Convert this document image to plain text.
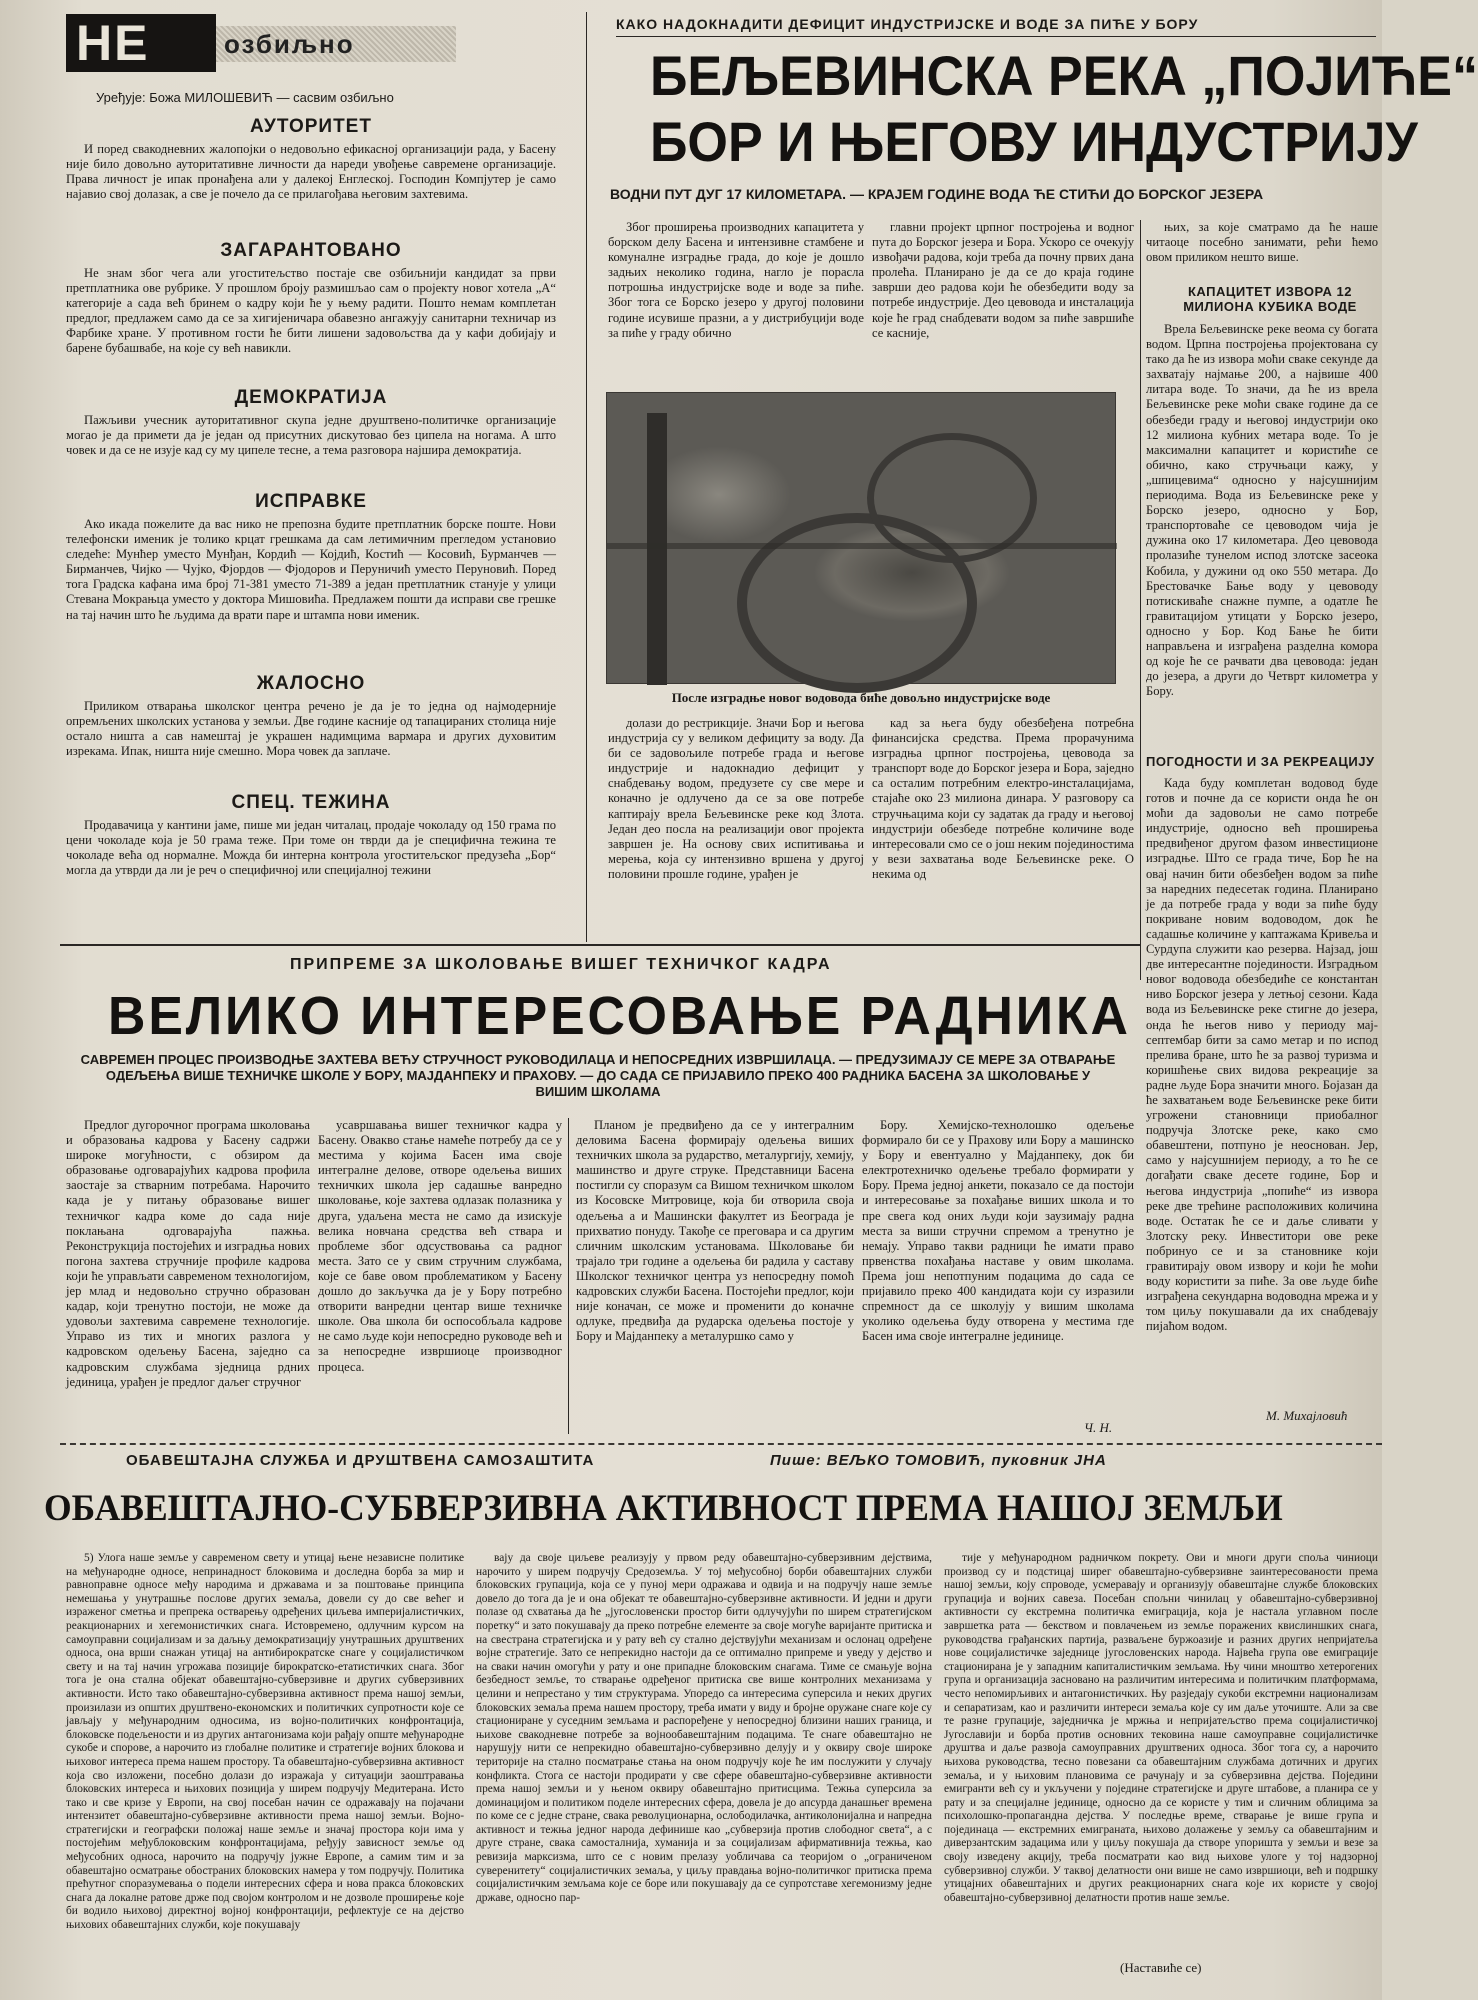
НЕ	озбиљно
Уређује: Божа МИЛОШЕВИЋ — сасвим озбиљно
АУТОРИТЕТ

И поред свакодневних жалопојки о недовољно ефикасној организацији рада, у Басену није било довољно ауторитативне личности да нареди увођење савремене организације. Права личност је ипак пронађена али у далекој Енглеској. Господин Компјутер је само најавио свој долазак, а све је почело да се прилагођава његовим захтевима.

ЗАГАРАНТОВАНО

Не знам због чега али угоститељство постаје све озбиљнији кандидат за први претплатника ове рубрике. У прошлом броју размишљао сам о пројекту новог хотела „А“ категорије а сада већ бринем о кадру који ће у њему радити. Пошто немам комплетан предлог, предлажем само да се за хигијеничара обавезно ангажују санитарни техничар из Фарбике хране. У противном гости ће бити лишени задовољства да у кафи добијају и барене бубашвабе, на које су већ навикли.

ДЕМОКРАТИЈА

Пажљиви учесник ауторитативног скупа једне друштвено-политичке организације могао је да примети да је један од присутних дискутовао без ципела на ногама. А што човек и да се не изује кад су му ципеле тесне, а тема разговора најшира демократија.

ИСПРАВКЕ

Ако икада пожелите да вас нико не препозна будите претплатник борске поште. Нови телефонски именик је толико крцат грешкама да сам летимичним прегледом установио следеће: Мунћер уместо Мунђан, Кордић — Којдић, Костић — Косовић, Бурманчев — Бирманчев, Чијко — Чујко, Фјордов — Фјодоров и Перуничић уместо Перуновић. Поред тога Градска кафана има број 71-381 уместо 71-389 а један претплатник станује у улици Стевана Мокрањца уместо у доктора Мишовића. Предлажем пошти да исправи све грешке на тај начин што ће људима да врати паре и штампа нови именик.

ЖАЛОСНО

Приликом отварања школског центра речено је да је то једна од најмодерније опремљених школских установа у земљи. Две године касније од тапацираних столица није остало ништа а сав намештај је украшен надимцима вармара и других духовитим изрекама. Ипак, ништа није смешно. Мора човек да заплаче.

СПЕЦ. ТЕЖИНА

Продавачица у кантини јаме, пише ми један читалац, продаје чоколаду од 150 грама по цени чоколаде која је 50 грама теже. При томе он тврди да је специфична тежина те чоколаде већа од нормалне. Можда би интерна контрола угоститељског предузећа „Бор“ могла да утврди да ли је реч о специфичној или специјалној тежини

КАКО НАДОКНАДИТИ ДЕФИЦИТ ИНДУСТРИЈСКЕ И ВОДЕ ЗА ПИЋЕ У БОРУ
БЕЉЕВИНСКА РЕКА „ПОЈИЋЕ“
БОР И ЊЕГОВУ ИНДУСТРИЈУ
ВОДНИ ПУТ ДУГ 17 КИЛОМЕТАРА. — КРАЈЕМ ГОДИНЕ ВОДА ЋЕ СТИЋИ ДО БОРСКОГ ЈЕЗЕРА

Због проширења производних капацитета у борском делу Басена и интензивне стамбене и комуналне изградње града, до које је дошло задњих неколико година, нагло је порасла потрошња индустријске воде и воде за пиће. Због тога се Борско језеро у другој половини године исувише празни, а у дистрибуцији воде за пиће у граду обично

главни пројект црпног постројења и водног пута до Борског језера и Бора. Ускоро се очекују извођачи радова, који треба да почну првих дана пролећа. Планирано је да се до краја године заврши део радова који ће обезбедити воду за потребе индустрије. Део цевовода и инсталација које ће град снабдевати водом за пиће завршиће се касније,

њих, за које сматрамо да ће наше читаоце посебно занимати, рећи ћемо овом приликом нешто више.

КАПАЦИТЕТ ИЗВОРА 12 МИЛИОНА КУБИКА ВОДЕ

Врела Бељевинске реке веома су богата водом. Црпна постројења пројектована су тако да ће из извора моћи сваке секунде да захватају најмање 200, а највише 400 литара воде. То значи, да ће из врела Бељевинске реке моћи сваке године да се обезбеди граду и његовој индустрији око 12 милиона кубних метара воде. То је максимални капацитет и користиће се обично, како стручњаци кажу, у „шпицевима“ односно у најсушнијим периодима. Вода из Бељевинске реке у Борско језеро, односно у Бор, транспортоваће се цевоводом чија је дужина око 17 километара. Део цевовода пролазиће тунелом испод злотске засеока Кобила, у дужини од око 550 метара. До Брестовачке Бање воду у цевоводу потискиваће снажне пумпе, а одатле ће гравитацијом утицати у Борско језеро, односно у Бор. Код Бање ће бити направљена и изграђена разделна комора од које ће се рачвати два цевовода: један до језера, а други до Четврт километра у Бору.

ПОГОДНОСТИ И ЗА РЕКРЕАЦИЈУ

Када буду комплетан водовод буде готов и почне да се користи онда ће он моћи да задовољи не само потребе индустрије, односно већ проширења предвиђеног другом фазом инвестиционе изградње. Што се града тиче, Бор ће на овај начин бити обезбеђен водом за пиће за наредних педесетак година. Планирано је да потребе града у води за пиће буду покриване новим водоводом, док ће садашње количине у каптажама Кривеља и Сурдупа служити као резерва. Најзад, још две интересантне појединости. Изградњом новог водовода обезбедиће се константан ниво Борског језера у летњој сезони. Када вода из Бељевинске реке стигне до језера, онда ће његов ниво у периоду мај-септембар бити за само метар и по испод прелива бране, што ће за развој туризма и коришћење свих видова рекреације за радне људе Бора значити много. Бојазан да ће захватањем воде Бељевинске реке бити угрожени становници приобалног подручја Злотске реке, како смо обавештени, потпуно је неоснован. Јер, само у најсушнијем периоду, а то ће се догађати сваке десете године, Бор и његова индустрија „попиће“ из извора реке две трећине расположивих количина воде. Остатак ће се и даље сливати у Злотску реку. Инвеститори ове реке побринуо се и за становнике који гравитирају овом извору и који ће моћи воду користити за пиће. За ове људе биће изграђена секундарна водоводна мрежа и у том циљу покушавали да их снабдевају пијаћом водом.

М. Михајловић
После изградње новог водовода биће довољно индустријске воде

долази до рестрикције. Значи Бор и његова индустрија су у великом дефициту за воду. Да би се задовољиле потребе града и његове индустрије и надокнадио дефицит у снабдевању водом, предузете су све мере и коначно је одлучено да се за ове потребе каптирају врела Бељевинске реке код Злота. Један део посла на реализацији овог пројекта завршен је. На основу свих испитивања и мерења, која су интензивно вршена у другој половини прошле године, урађен је

кад за њега буду обезбеђена потребна финансијска средства. Према прорачунима изградња црпног постројења, цевовода за транспорт воде до Борског језера и Бора, заједно са осталим потребним електро-инсталацијама, стајаће око 23 милиона динара. У разговору са стручњацима који су задатак да граду и његовој индустрији обезбеде потребне количине воде интересовали смо се о још неким појединостима у вези захватања воде Бељевинске реке. О некима од

ПРИПРЕМЕ ЗА ШКОЛОВАЊЕ ВИШЕГ ТЕХНИЧКОГ КАДРА
ВЕЛИКО ИНТЕРЕСОВАЊЕ РАДНИКА
САВРЕМЕН ПРОЦЕС ПРОИЗВОДЊЕ ЗАХТЕВА ВЕЋУ СТРУЧНОСТ РУКОВОДИЛАЦА И НЕПОСРЕДНИХ ИЗВРШИЛАЦА. — ПРЕДУЗИМАЈУ СЕ МЕРЕ ЗА ОТВАРАЊЕ ОДЕЉЕЊА ВИШЕ ТЕХНИЧКЕ ШКОЛЕ У БОРУ, МАЈДАНПЕКУ И ПРАХОВУ. — ДО САДА СЕ ПРИЈАВИЛО ПРЕКО 400 РАДНИКА БАСЕНА ЗА ШКОЛОВАЊЕ У ВИШИМ ШКОЛАМА

Предлог дугорочног програма школовања и образовања кадрова у Басену садржи широке могућности, с обзиром да образовање одговарајућих кадрова профила заостаје за стварним потребама. Нарочито када је у питању образовање вишег техничког кадра коме до сада није поклањана одговарајућа пажња. Реконструкција постојећих и изградња нових погона захтева стручније профиле кадрова који ће управљати савременом технологијом, јер млад и недовољно стручно образован кадар, који тренутно постоји, не може да удовољи захтевима савремене технологије. Управо из тих и многих разлога у кадровском одељењу Басена, заједно са кадровским службама зједница рдних јединица, урађен је предлог даљег стручног

усавршавања вишег техничког кадра у Басену. Овакво стање намеће потребу да се у местима у којима Басен има своје интегралне делове, отворе одељења виших техничких школа јер садашње ванредно школовање, које захтева одлазак полазника у друга, удаљена места не само да изискује велика новчана средства већ ствара и проблеме због одсуствовања са радног места. Зато се у свим стручним службама, које се баве овом проблематиком у Басену дошло до закључка да је у Бору потребно отворити ванредни центар више техничке школе. Ова школа би оспособљала кадрове не само људе који непосредно руководе већ и за непосредне извршиоце производног процеса.

Планом је предвиђено да се у интегралним деловима Басена формирају одељења виших техничких школа за рударство, металургију, хемију, машинство и друге струке. Представници Басена постигли су споразум са Вишом техничком школом из Косовске Митровице, која би отворила своја одељења а и Машински факултет из Београда је прихватио понуду. Такође се преговара и са другим сличним школским установама. Школовање би трајало три године а одељења би радила у саставу Школског техничког центра уз непосредну помоћ кадровских служби Басена. Постојећи предлог, који није коначан, се може и променити до коначне одлуке, предвиђа да рударска одељења постоје у Бору и Мајданпеку а металуршко само у

Бору. Хемијско-технолошко одељење формирало би се у Прахову или Бору а машинско у Бору и евентуално у Мајданпеку, док би електротехничко одељење требало формирати у Бору. Према једној анкети, показало се да постоји и интересовање за похађање виших школа и то пре свега код оних људи који заузимају радна места за виши стручни спремом а тренутно је немају. Управо такви радници ће имати право првенства похађања наставе у овим школама. Према још непотпуним подацима до сада се пријавило преко 400 кандидата који су изразили спремност да се школују у вишим школама уколико одељења буду отворена у местима где Басен има своје интегралне јединице.

Ч. Н.
ОБАВЕШТАЈНА СЛУЖБА И ДРУШТВЕНА САМОЗАШТИТА	Пише: ВЕЉКО ТОМОВИЋ, пуковник ЈНА
ОБАВЕШТАЈНО-СУБВЕРЗИВНА АКТИВНОСТ ПРЕМА НАШОЈ ЗЕМЉИ

5) Улога наше земље у савременом свету и утицај њене независне политике на међународне односе, непринадност блоковима и доследна борба за мир и равноправне односе међу народима и државама и за поштовање принципа немешања у унутрашње послове других земаља, довели су до све већег и израженог сметња и препрека остварењу одређених циљева империјалистичких, реакционарних и хегемонистичких снага. Истовремено, одлучним курсом на самоуправни социјализам и за даљњу демократизацију унутрашњих друштвених односа, она врши снажан утицај на антибирократске снаге у социјалистичком свету и на тај начин угрожава позиције бирократско-етатистичких снага. Због тога је она стална објекат обавештајно-субверзивне и других субверзивних активности. Исто тако обавештајно-субверзивна активност према нашој земљи, произилази из општих друштвено-економских и политичких супротности које се јављају у међународним односима, из војно-политичких конфронтација, блоковске подељености и из других антагонизама који рађају опште међународне сукобе и спорове, а нарочито из глобалне политике и стратегије војних блокова и њиховог интереса према нашем простору. Та обавештајно-субверзивна активност која сво изложени, посебно долази до изражаја у ситуацији заоштравања блоковских интереса и њихових позиција у ширем подручју Медитерана. Исто тако и све кризе у Европи, на свој посебан начин се одражавају на појачани интензитет обавештајно-субверзивне активности према нашој земљи. Војно-стратегијски и географски положај наше земље и значај простора који има у постојећим међублоковским конфронтацијама, ређују зависност земље од међусобних односа, нарочито на подручју јужне Европе, а самим тим и за обавештајно осматрање обостраних блоковских намера у том подручју. Политика прећутног споразумевања о подели интересних сфера и нова пракса блоковских снага да локалне ратове држе под својом контролом и не дозволе проширење које би водило њиховој директној војној конфронтацији, рефлектује се на дејство њихових обавештајних служби, које покушавају

вају да своје циљеве реализују у првом реду обавештајно-субверзивним дејствима, нарочито у ширем подручју Средоземља. У тој међусобној борби обавештајних служби блоковских групација, која се у пуној мери одражава и одвија и на подручју наше земље довело до тога да је и она објекат те обавештајно-субверзивне активности. И једни и други полазе од схватања да ће „југословенски простор бити одлучујући по ширем стратегијском поретку“ и зато покушавају да преко потребне елементе за своје могуће варијанте притиска и на свестрана стратегијска и у рату већ су стално дејствујући механизам и ослонац одређене војне стратегије. Зато се непрекидно настоји да се оптимално припреме и уведу у дејство и на сваки начин омогући у рату и оне припадне блоковским снагама. Тиме се смањује војна безбедност земље, то стварање одређеног притиска све више контролних механизама у целини и непрестано у тим структурама. Упоредо са интересима суперсила и неких других блоковских земаља према нашем простору, треба имати у виду и бројне оружане снаге које су стациониране у суседним земљама и распоређене у непосредној близини наших граница, и њихове свакодневне потребе за војнообавештајним подацима. Те снаге обавештајно не нарушују нити се непрекидно обавештајно-субверзивно делују и у оквиру своје широке територије на стално посматрање стања на оном подручју које ће им послужити у случају конфликта. Стога се настоји продирати у све сфере обавештајно-субверзивне активности према нашој земљи и у њеном оквиру обавештајно притисцима. Тежња суперсила за доминацијом и политиком поделе интересних сфера, довела је до апсурда данашњег времена по коме се с једне стране, свака револуционарна, ослободилачка, антиколонијална и напредна активност и тежња једног народа дефинише као „субверзија против слободног света“, а с друге стране, свака самосталнија, хуманија и за социјализам афирмативнија тежња, као ревизија марксизма, што се с новим прелазу уобличава са теоријом о „ограниченом суверенитету“ социјалистичких земаља, у циљу правдања војно-политичког притиска према социјалистичким земљама које се боре или покушавају да се супротставе хегемонизму једне државе, односно пар-

тије у међународном радничком покрету. Ови и многи други споља чиниоци производ су и подстицај ширег обавештајно-субверзивне заинтересованости према нашој земљи, коју спроводе, усмеравају и организују обавештајне службе блоковских групација и војних савеза. Посебан спољни чинилац у обавештајно-субверзивној активности су екстремна политичка емиграција, која је настала углавном после завршетка рата — бекством и повлачењем из земље поражених квислиншких снага, руководства грађанских партија, разваљене буржоазије и разних других непријатеља нове социјалистичке заједнице југословенских народа. Највећа група ове емиграције стационирана је у западним капиталистичким земљама. Њу чини мноштво хетерогених група и организација засновано на различитим интересима и политичким платформама, често непомирљивих и антагонистичких. Њу разједају сукоби екстремни национализам и сепаратизам, као и различити интереси земаља које су им даље уточиште. Али за све те разне групације, заједничка је мржња и непријатељство према социјалистичкој Југославији и борба против основних тековина наше самоуправне социјалистичке друштва и даље развоја самоуправних друштвених односа. Због тога су, а нарочито њихова руководства, тесно повезани са обавештајним службама дотичних и других земаља, и у њиховим плановима се рачунају и за субверзивна дејства. Поједини емигранти већ су и укључени у поједине стратегијске и друге штабове, а планира се у рату и за специјалне јединице, односно да се користе у тим и сличним облицима за психолошко-пропагандна дејства. У последње време, стварање је више група и појединаца — екстремних емиграната, њихово долажење у земљу са обавештајним и диверзантским задацима или у циљу покушаја да створе упоришта у земљи и везе за своју изведену акцију, треба посматрати као вид њихове улоге у тој надзорној субверзивној служби. У таквој делатности они више не само извршиоци, већ и подршку утицајних обавештајних и других реакционарних снага које их користе у својој обавештајно-субверзивној делатности против наше земље.

(Наставиће се)
